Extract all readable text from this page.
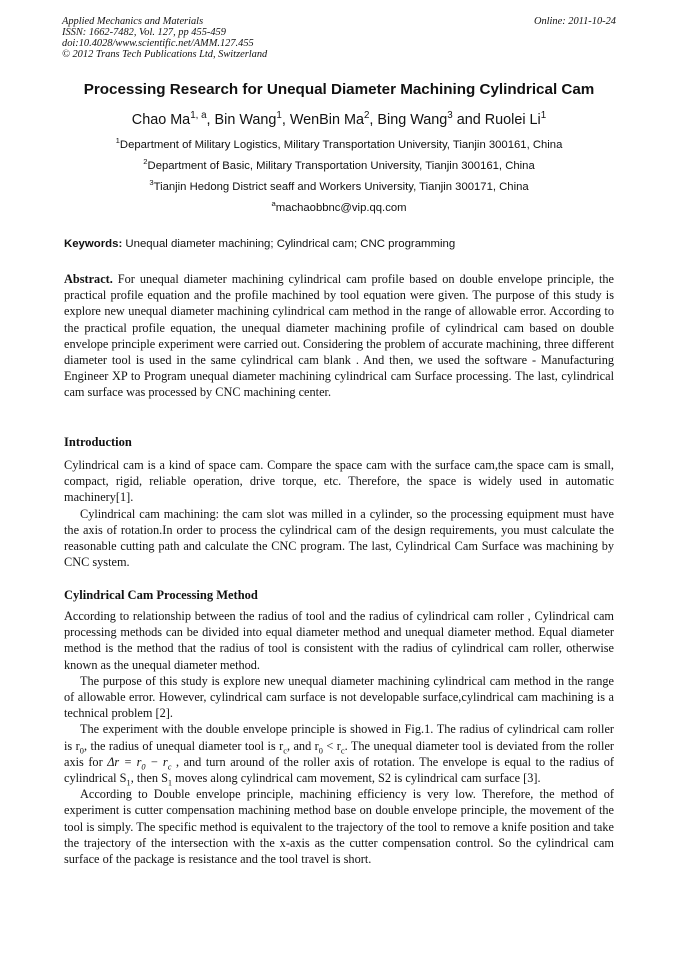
Applied Mechanics and Materials
ISSN: 1662-7482, Vol. 127, pp 455-459
doi:10.4028/www.scientific.net/AMM.127.455
© 2012 Trans Tech Publications Ltd, Switzerland
Online: 2011-10-24
Processing Research for Unequal Diameter Machining Cylindrical Cam
Chao Ma$^{1, a}$, Bin Wang$^1$, WenBin Ma$^2$, Bing Wang$^3$ and Ruolei Li$^1$
$^1$Department of Military Logistics, Military Transportation University, Tianjin 300161, China
$^2$Department of Basic, Military Transportation University, Tianjin 300161, China
$^3$Tianjin Hedong District seaff and Workers University, Tianjin 300171, China
$^a$machaobbnc@vip.qq.com
Keywords: Unequal diameter machining; Cylindrical cam; CNC programming

Abstract. For unequal diameter machining cylindrical cam profile based on double envelope principle, the practical profile equation and the profile machined by tool equation were given. The purpose of this study is explore new unequal diameter machining cylindrical cam method in the range of allowable error. According to the practical profile equation, the unequal diameter machining profile of cylindrical cam based on double envelope principle experiment were carried out. Considering the problem of accurate machining, three different diameter tool is used in the same cylindrical cam blank . And then, we used the software - Manufacturing Engineer XP to Program unequal diameter machining cylindrical cam Surface processing. The last, cylindrical cam surface was processed by CNC machining center.

Introduction

Cylindrical cam is a kind of space cam. Compare the space cam with the surface cam,the space cam is small, compact, rigid, reliable operation, drive torque, etc. Therefore, the space is widely used in automatic machinery[1].

Cylindrical cam machining: the cam slot was milled in a cylinder, so the processing equipment must have the axis of rotation.In order to process the cylindrical cam of the design requirements, you must calculate the reasonable cutting path and calculate the CNC program. The last, Cylindrical Cam Surface was machining by CNC system.

Cylindrical Cam Processing Method

According to relationship between the radius of tool and the radius of cylindrical cam roller , Cylindrical cam processing methods can be divided into equal diameter method and unequal diameter method. Equal diameter method is the method that the radius of tool is consistent with the radius of cylindrical cam roller, otherwise known as the unequal diameter method.

The purpose of this study is explore new unequal diameter machining cylindrical cam method in the range of allowable error. However, cylindrical cam surface is not developable surface,cylindrical cam machining is a technical problem [2].

The experiment with the double envelope principle is showed in Fig.1. The radius of cylindrical cam roller is $r_0$, the radius of unequal diameter tool is $r_c$, and $r_0 < r_c$. The unequal diameter tool is deviated from the roller axis for $\Delta r = r_0 - r_c$ , and turn around of the roller axis of rotation. The envelope is equal to the radius of cylindrical $S_1$, then $S_1$ moves along cylindrical cam movement, S2 is cylindrical cam surface [3].

According to Double envelope principle, machining efficiency is very low. Therefore, the method of experiment is cutter compensation machining method base on double envelope principle, the movement of the tool is simply. The specific method is equivalent to the trajectory of the tool to remove a knife position and take the trajectory of the intersection with the x-axis as the cutter compensation control. So the cylindrical cam surface of the package is resistance and the tool travel is short.
